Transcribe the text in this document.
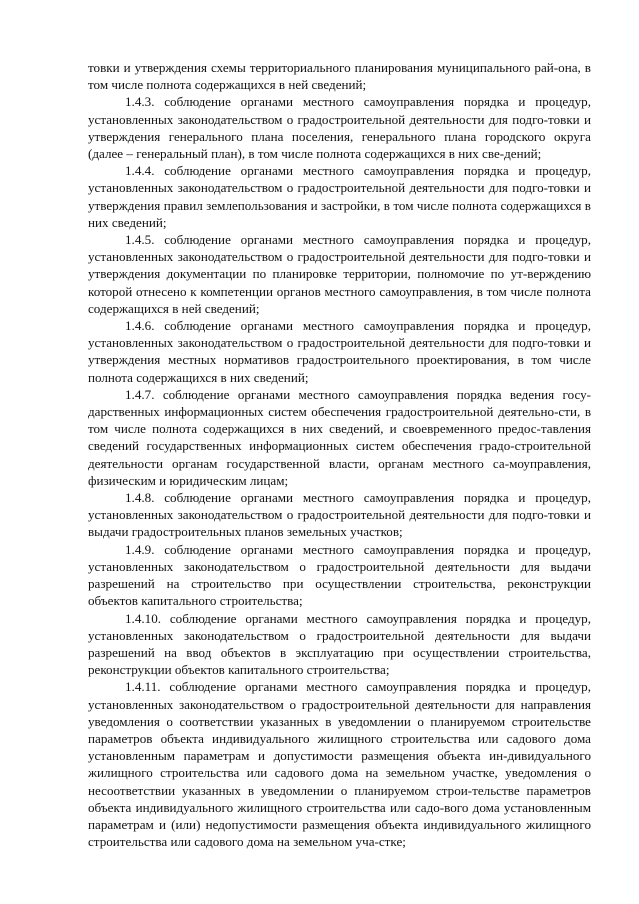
товки и утверждения схемы территориального планирования муниципального рай-она, в том числе полнота содержащихся в ней сведений;

1.4.3. соблюдение органами местного самоуправления порядка и процедур, установленных законодательством о градостроительной деятельности для подго-товки и утверждения генерального плана поселения, генерального плана городского округа (далее – генеральный план), в том числе полнота содержащихся в них све-дений;

1.4.4. соблюдение органами местного самоуправления порядка и процедур, установленных законодательством о градостроительной деятельности для подго-товки и утверждения правил землепользования и застройки, в том числе полнота содержащихся в них сведений;

1.4.5. соблюдение органами местного самоуправления порядка и процедур, установленных законодательством о градостроительной деятельности для подго-товки и утверждения документации по планировке территории, полномочие по ут-верждению которой отнесено к компетенции органов местного самоуправления, в том числе полнота содержащихся в ней сведений;

1.4.6. соблюдение органами местного самоуправления порядка и процедур, установленных законодательством о градостроительной деятельности для подго-товки и утверждения местных нормативов градостроительного проектирования, в том числе полнота содержащихся в них сведений;

1.4.7. соблюдение органами местного самоуправления порядка ведения госу-дарственных информационных систем обеспечения градостроительной деятельно-сти, в том числе полнота содержащихся в них сведений, и своевременного предос-тавления сведений государственных информационных систем обеспечения градо-строительной деятельности органам государственной власти, органам местного са-моуправления, физическим и юридическим лицам;

1.4.8. соблюдение органами местного самоуправления порядка и процедур, установленных законодательством о градостроительной деятельности для подго-товки и выдачи градостроительных планов земельных участков;

1.4.9. соблюдение органами местного самоуправления порядка и процедур, установленных законодательством о градостроительной деятельности для выдачи разрешений на строительство при осуществлении строительства, реконструкции объектов капитального строительства;

1.4.10. соблюдение органами местного самоуправления порядка и процедур, установленных законодательством о градостроительной деятельности для выдачи разрешений на ввод объектов в эксплуатацию при осуществлении строительства, реконструкции объектов капитального строительства;

1.4.11. соблюдение органами местного самоуправления порядка и процедур, установленных законодательством о градостроительной деятельности для направления уведомления о соответствии указанных в уведомлении о планируемом строительстве параметров объекта индивидуального жилищного строительства или садового дома установленным параметрам и допустимости размещения объекта ин-дивидуального жилищного строительства или садового дома на земельном участке, уведомления о несоответствии указанных в уведомлении о планируемом строи-тельстве параметров объекта индивидуального жилищного строительства или садо-вого дома установленным параметрам и (или) недопустимости размещения объекта индивидуального жилищного строительства или садового дома на земельном уча-стке;
